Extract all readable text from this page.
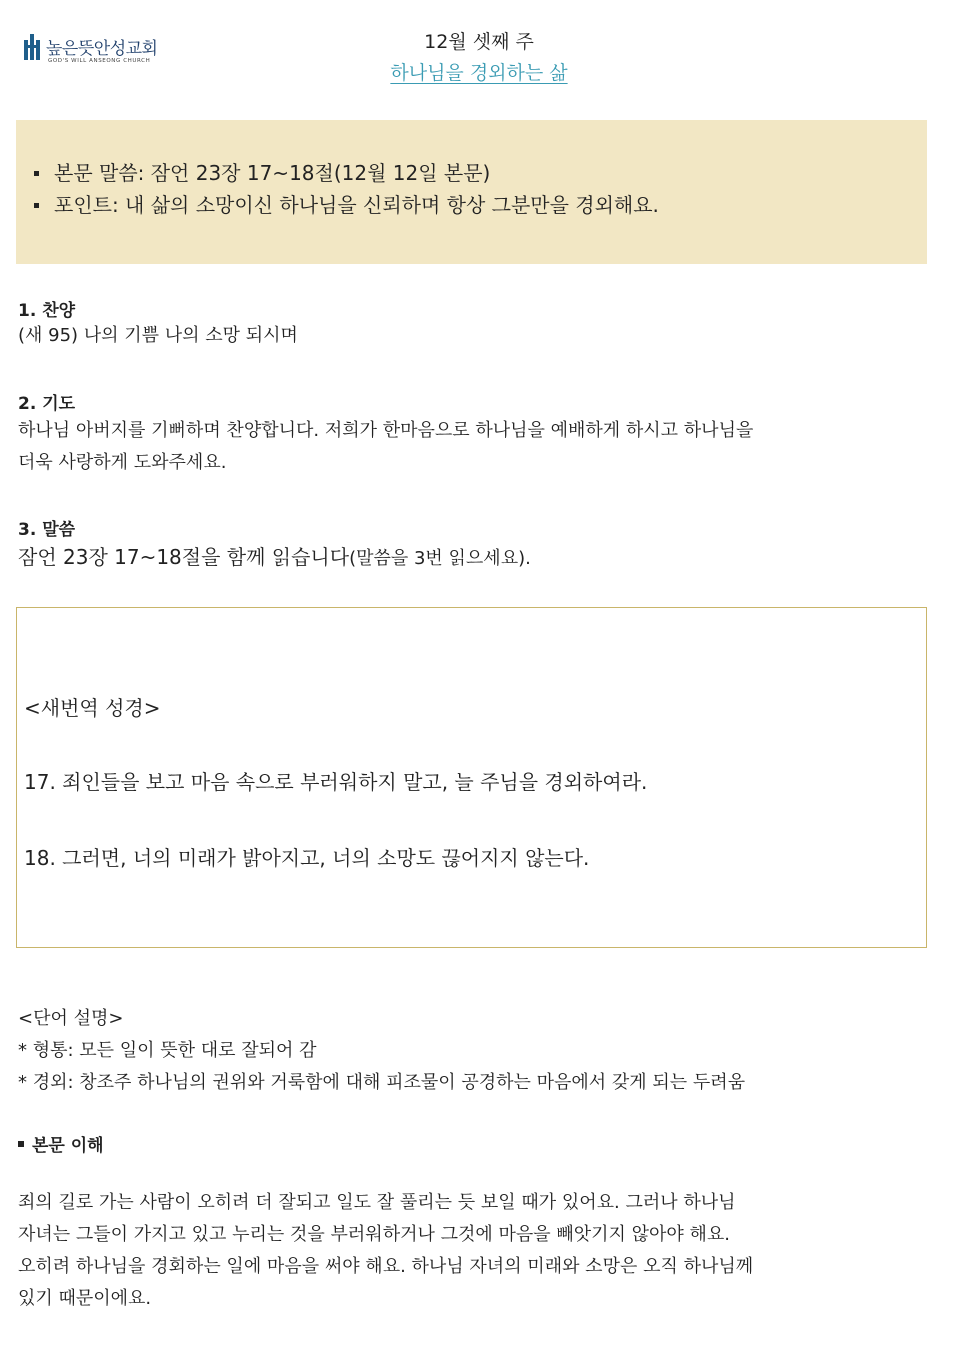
높은뜻안성교회
GOD'S WILL ANSEONG CHURCH
12월 셋째 주
하나님을 경외하는 삶
본문 말씀: 잠언 23장 17~18절(12월 12일 본문)
포인트: 내 삶의 소망이신 하나님을 신뢰하며 항상 그분만을 경외해요.
1. 찬양
(새 95) 나의 기쁨 나의 소망 되시며
2. 기도
하나님 아버지를 기뻐하며 찬양합니다. 저희가 한마음으로 하나님을 예배하게 하시고 하나님을
더욱 사랑하게 도와주세요.
3. 말씀
잠언 23장 17~18절을 함께 읽습니다(말씀을 3번 읽으세요).
<새번역 성경>
17. 죄인들을 보고 마음 속으로 부러워하지 말고, 늘 주님을 경외하여라.
18. 그러면, 너의 미래가 밝아지고, 너의 소망도 끊어지지 않는다.
<단어 설명>
* 형통: 모든 일이 뜻한 대로 잘되어 감
* 경외: 창조주 하나님의 권위와 거룩함에 대해 피조물이 공경하는 마음에서 갖게 되는 두려움
본문 이해
죄의 길로 가는 사람이 오히려 더 잘되고 일도 잘 풀리는 듯 보일 때가 있어요. 그러나 하나님
자녀는 그들이 가지고 있고 누리는 것을 부러워하거나 그것에 마음을 빼앗기지 않아야 해요.
오히려 하나님을 경회하는 일에 마음을 써야 해요. 하나님 자녀의 미래와 소망은 오직 하나님께
있기 때문이에요.
